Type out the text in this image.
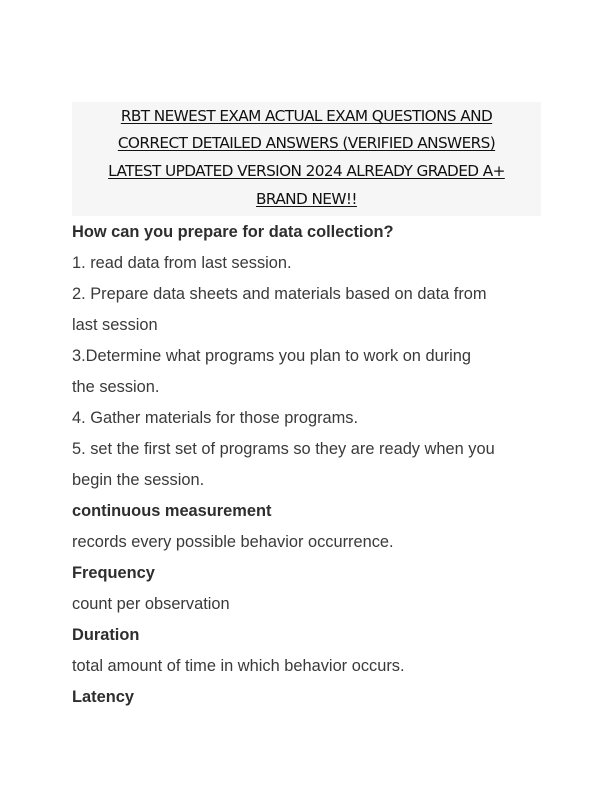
RBT NEWEST EXAM ACTUAL EXAM QUESTIONS AND
CORRECT DETAILED ANSWERS (VERIFIED ANSWERS)
LATEST UPDATED VERSION 2024 ALREADY GRADED A+
BRAND NEW!!
How can you prepare for data collection?
1. read data from last session.
2. Prepare data sheets and materials based on data from
last session
3.Determine what programs you plan to work on during
the session.
4. Gather materials for those programs.
5. set the first set of programs so they are ready when you
begin the session.
continuous measurement
records every possible behavior occurrence.
Frequency
count per observation
Duration
total amount of time in which behavior occurs.
Latency
